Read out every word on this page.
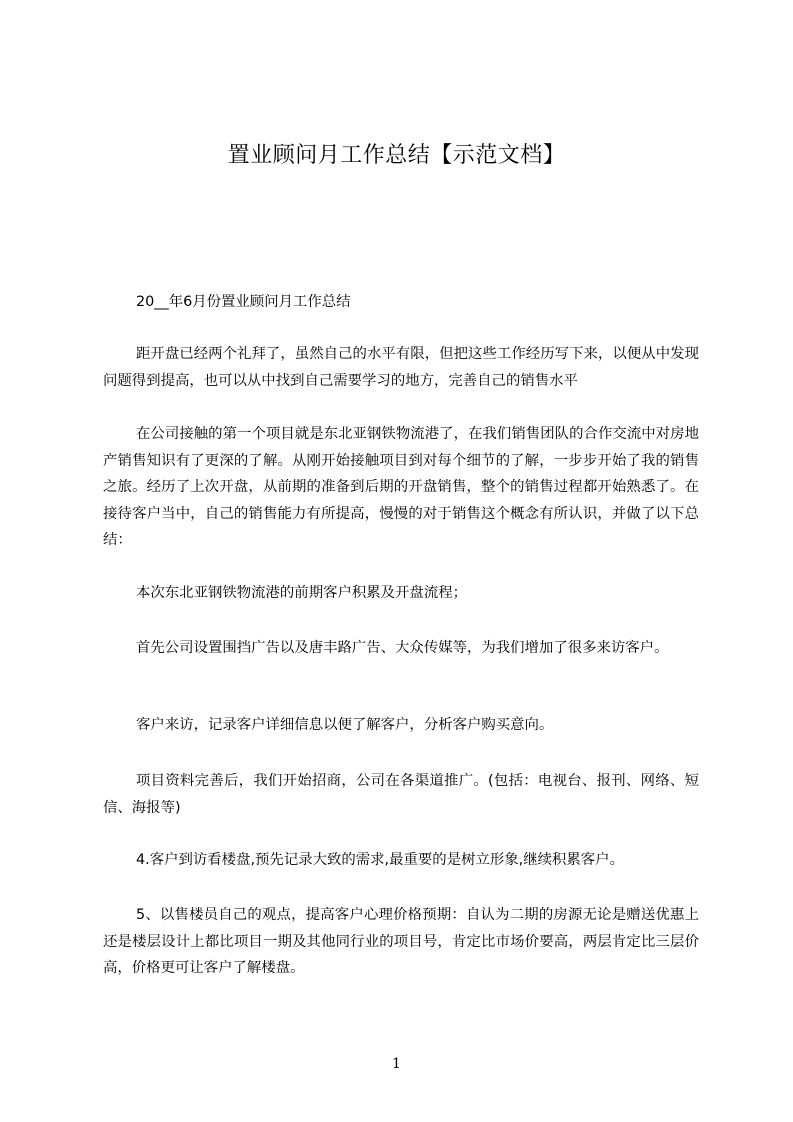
置业顾问月工作总结【示范文档】
20__年6月份置业顾问月工作总结
距开盘已经两个礼拜了，虽然自己的水平有限，但把这些工作经历写下来，以便从中发现问题得到提高，也可以从中找到自己需要学习的地方，完善自己的销售水平
在公司接触的第一个项目就是东北亚钢铁物流港了，在我们销售团队的合作交流中对房地产销售知识有了更深的了解。从刚开始接触项目到对每个细节的了解，一步步开始了我的销售之旅。经历了上次开盘，从前期的准备到后期的开盘销售，整个的销售过程都开始熟悉了。在接待客户当中，自己的销售能力有所提高，慢慢的对于销售这个概念有所认识，并做了以下总结：
本次东北亚钢铁物流港的前期客户积累及开盘流程；
首先公司设置围挡广告以及唐丰路广告、大众传媒等，为我们增加了很多来访客户。
客户来访，记录客户详细信息以便了解客户，分析客户购买意向。
项目资料完善后，我们开始招商，公司在各渠道推广。(包括：电视台、报刊、网络、短信、海报等)
4.客户到访看楼盘,预先记录大致的需求,最重要的是树立形象,继续积累客户。
5、以售楼员自己的观点，提高客户心理价格预期：自认为二期的房源无论是赠送优惠上还是楼层设计上都比项目一期及其他同行业的项目号，肯定比市场价要高，两层肯定比三层价高，价格更可让客户了解楼盘。
1
